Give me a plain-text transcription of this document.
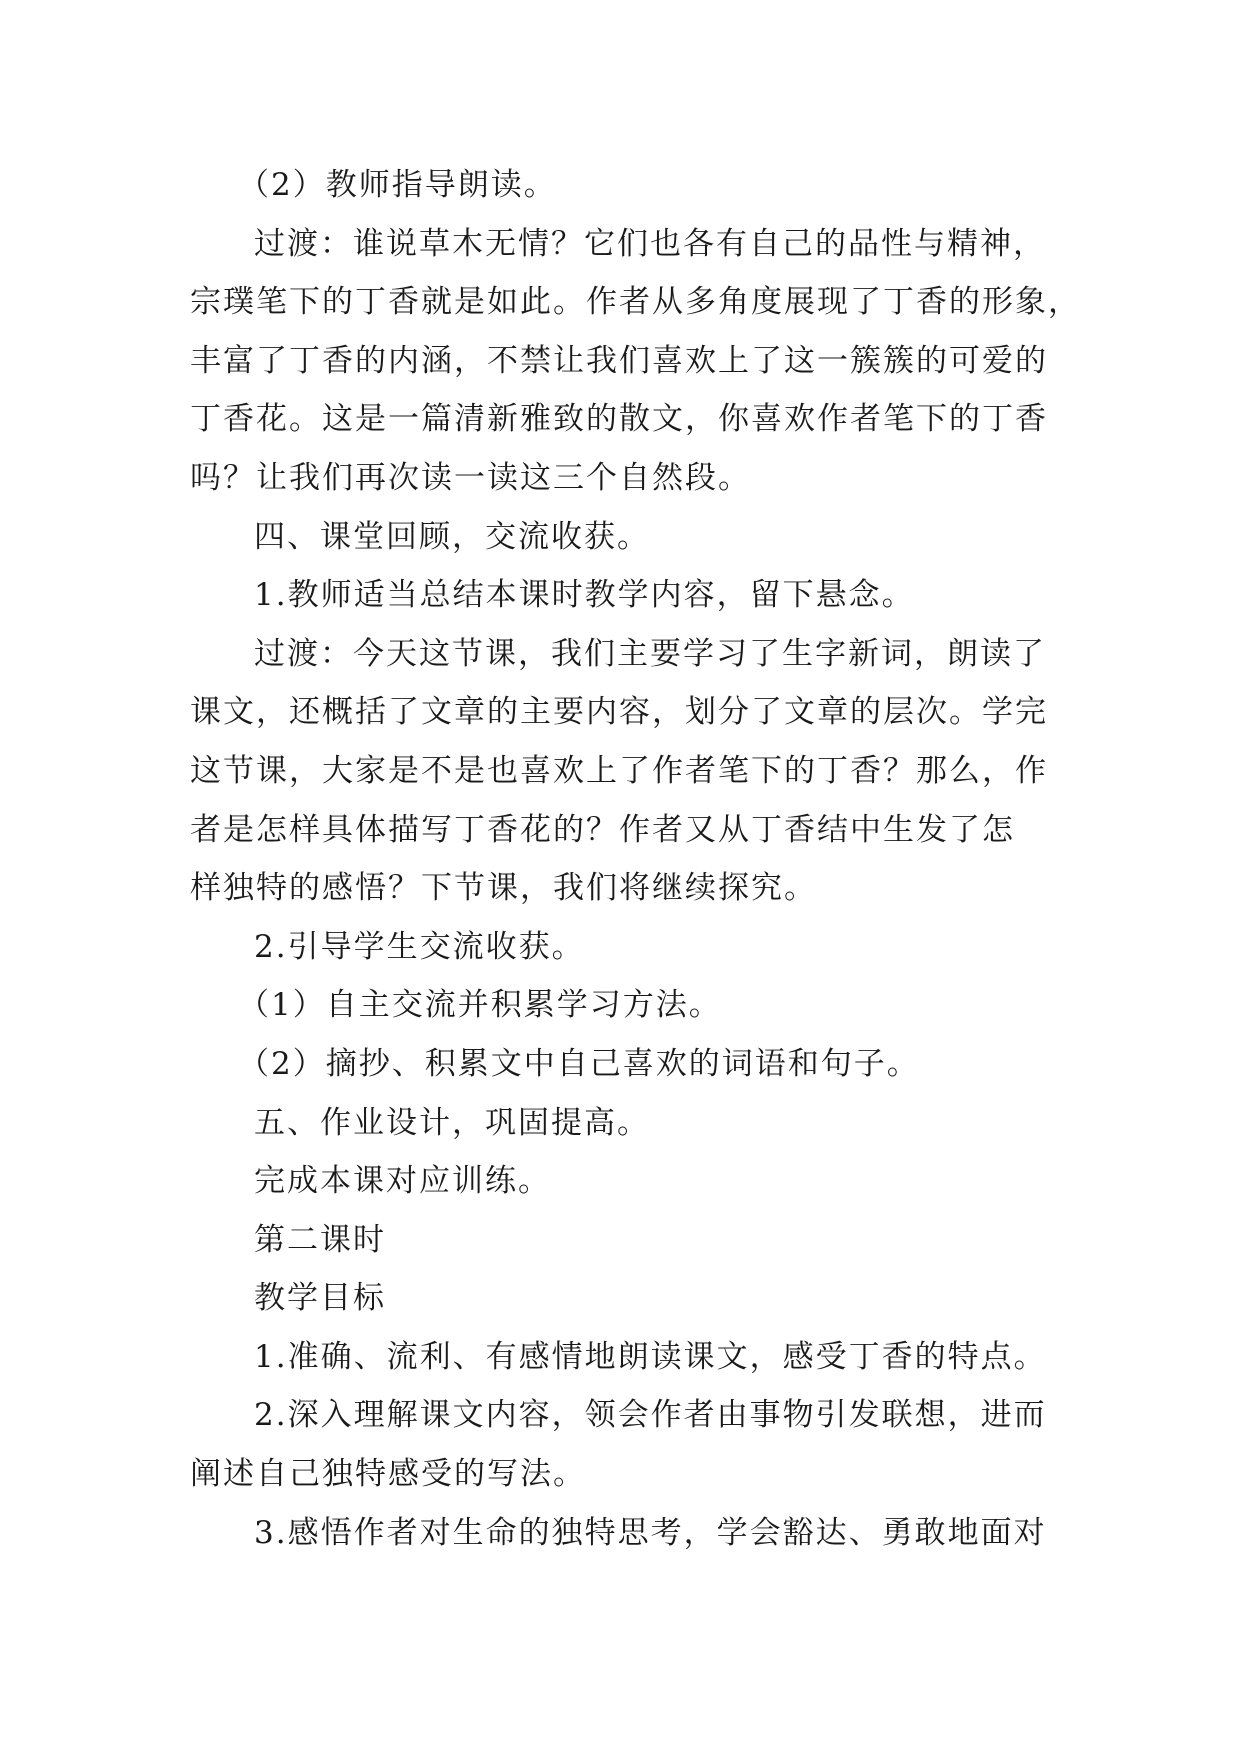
（2）教师指导朗读。
过渡：谁说草木无情？它们也各有自己的品性与精神，
宗璞笔下的丁香就是如此。作者从多角度展现了丁香的形象，
丰富了丁香的内涵，不禁让我们喜欢上了这一簇簇的可爱的
丁香花。这是一篇清新雅致的散文，你喜欢作者笔下的丁香
吗？让我们再次读一读这三个自然段。
四、课堂回顾，交流收获。
1.教师适当总结本课时教学内容，留下悬念。
过渡：今天这节课，我们主要学习了生字新词，朗读了
课文，还概括了文章的主要内容，划分了文章的层次。学完
这节课，大家是不是也喜欢上了作者笔下的丁香？那么，作
者是怎样具体描写丁香花的？作者又从丁香结中生发了怎
样独特的感悟？下节课，我们将继续探究。
2.引导学生交流收获。
（1）自主交流并积累学习方法。
（2）摘抄、积累文中自己喜欢的词语和句子。
五、作业设计，巩固提高。
完成本课对应训练。
第二课时
教学目标
1.准确、流利、有感情地朗读课文，感受丁香的特点。
2.深入理解课文内容，领会作者由事物引发联想，进而
阐述自己独特感受的写法。
3.感悟作者对生命的独特思考，学会豁达、勇敢地面对
